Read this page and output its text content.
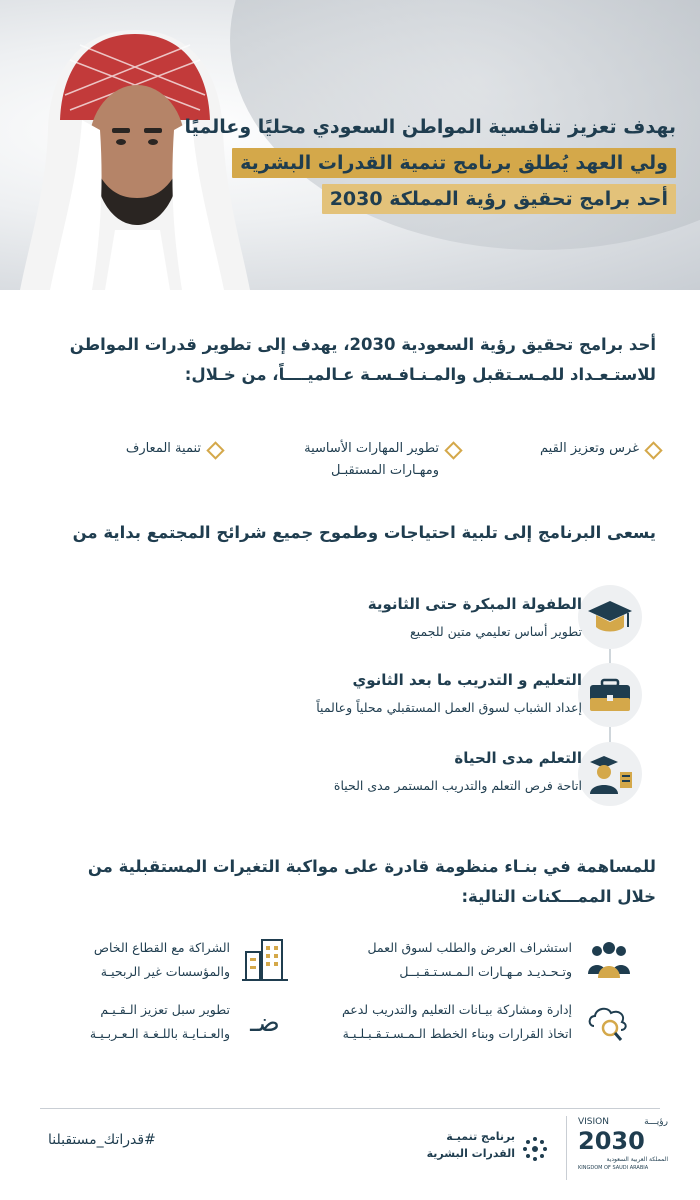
بهدف تعزيز تنافسية المواطن السعودي محليًا وعالميًا
ولي العهد يُطلق برنامج تنمية القدرات البشرية
أحد برامج تحقيق رؤية المملكة 2030
أحد برامج تحقيق رؤية السعودية 2030، يهدف إلى تطوير قدرات المواطن
للاستـعـداد للمـسـتقبل والمـنـافـسـة عـالميــــاً، من خـلال:
غرس وتعزيز القيم
تطوير المهارات الأساسية
ومهـارات المستقبـل
تنمية المعارف
يسعى البرنامج إلى تلبية احتياجات وطموح جميع شرائح المجتمع بداية من
الطفولة المبكرة حتى الثانوية
تطوير أساس تعليمي متين للجميع
التعليم و التدريب ما بعد الثانوي
إعداد الشباب لسوق العمل المستقبلي محلياً وعالمياً
التعلم مدى الحياة
اتاحة فرص التعلم والتدريب المستمر مدى الحياة
للمساهمة في بنـاء منظومة قادرة على مواكبة التغيرات المستقبلية من
خلال الممـــكنات التالية:
استشراف العرض والطلب لسوق العمل
وتـحـديـد مـهـارات الـمـسـتـقـبــل
الشراكة مع القطاع الخاص
والمؤسسات غير الربحيـة
إدارة ومشاركة بيـانات التعليم والتدريب لدعم
اتخاذ القرارات وبناء الخطط الـمـسـتـقـبـلـيـة
ضـ
تطوير سبل تعزيز الـقـيـم
والعـنـايـة باللـغـة الـعـربـيـة
#قدراتك_مستقبلنا	برنامج تنميـة
القدرات البشرية
VISION	رؤيـــة
2030
المملكة العربية السعودية
KINGDOM OF SAUDI ARABIA
